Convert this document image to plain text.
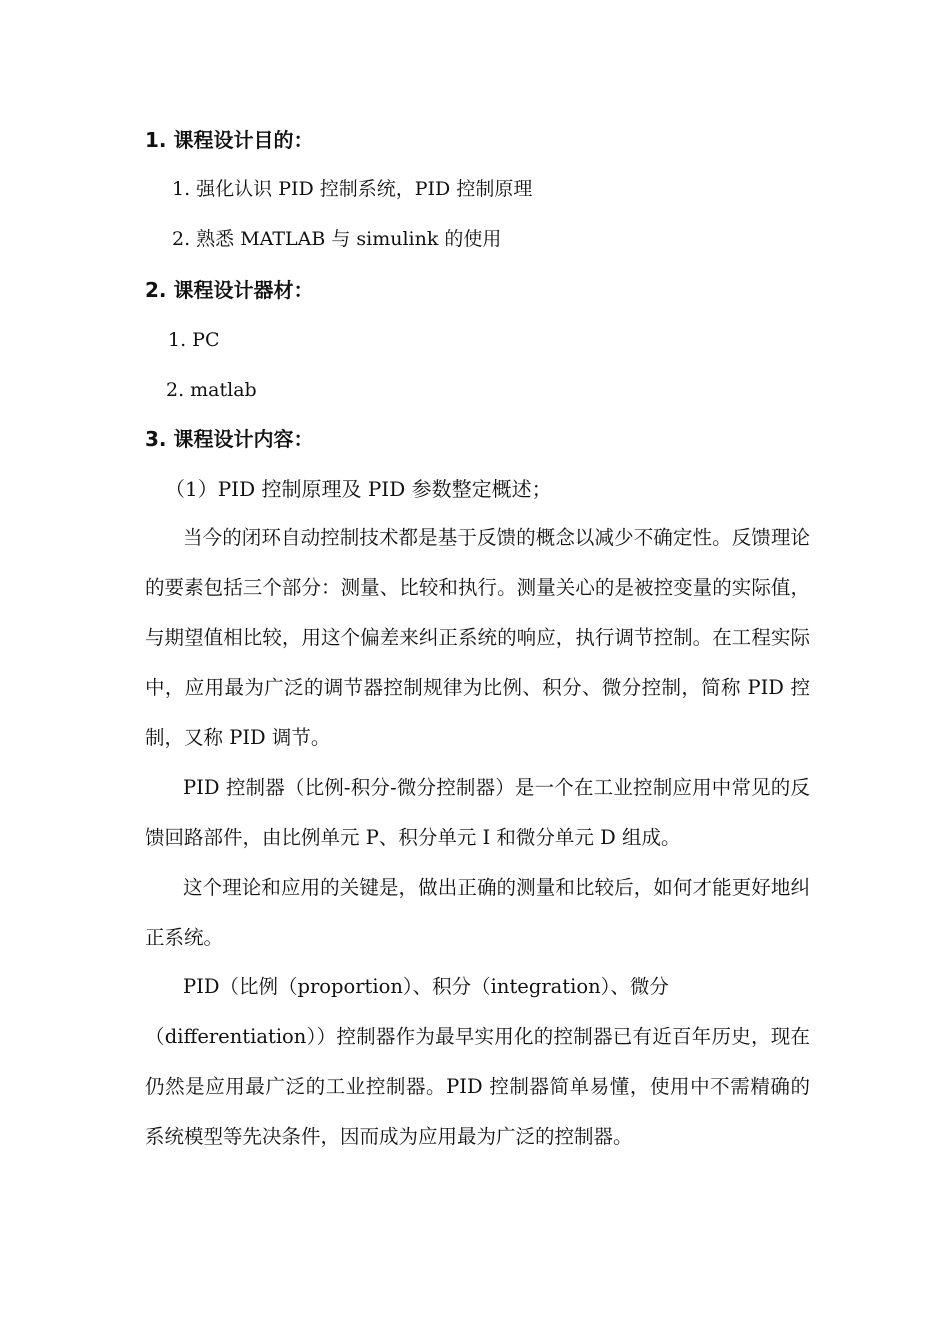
1. 课程设计目的：
1. 强化认识 PID 控制系统，PID 控制原理
2. 熟悉 MATLAB 与 simulink 的使用
2. 课程设计器材：
1. PC
2. matlab
3. 课程设计内容：
（1）PID 控制原理及 PID 参数整定概述；

当今的闭环自动控制技术都是基于反馈的概念以减少不确定性。反馈理论的要素包括三个部分：测量、比较和执行。测量关心的是被控变量的实际值，与期望值相比较，用这个偏差来纠正系统的响应，执行调节控制。在工程实际中，应用最为广泛的调节器控制规律为比例、积分、微分控制，简称 PID 控制，又称 PID 调节。

PID 控制器（比例-积分-微分控制器）是一个在工业控制应用中常见的反馈回路部件，由比例单元 P、积分单元 I 和微分单元 D 组成。

这个理论和应用的关键是，做出正确的测量和比较后，如何才能更好地纠正系统。

PID（比例（proportion）、积分（integration）、微分

（differentiation））控制器作为最早实用化的控制器已有近百年历史，现在仍然是应用最广泛的工业控制器。PID 控制器简单易懂，使用中不需精确的系统模型等先决条件，因而成为应用最为广泛的控制器。
